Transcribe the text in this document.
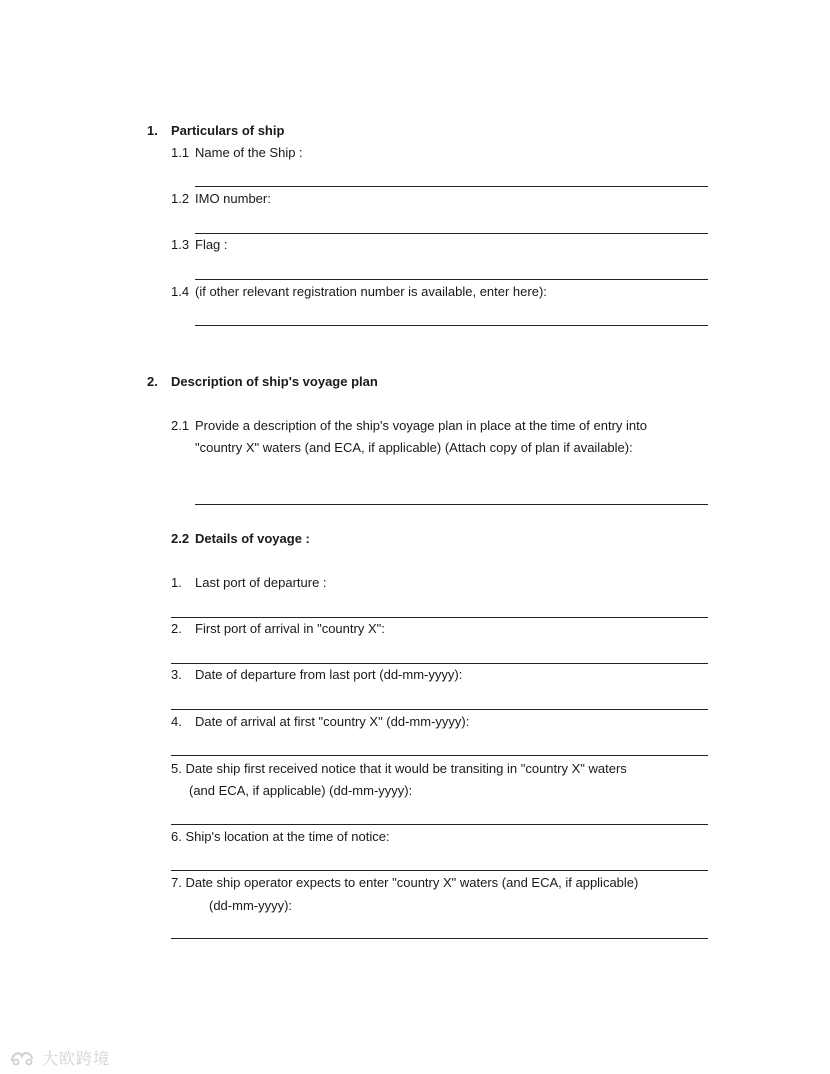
1. Particulars of ship
1.1 Name of the Ship :
1.2 IMO number:
1.3 Flag :
1.4 (if other relevant registration number is available, enter here):
2. Description of ship's voyage plan
2.1 Provide a description of the ship's voyage plan in place at the time of entry into
"country X" waters (and ECA, if applicable) (Attach copy of plan if available):
2.2 Details of voyage :
1. Last port of departure :
2. First port of arrival in "country X":
3. Date of departure from last port (dd-mm-yyyy):
4. Date of arrival at first "country X" (dd-mm-yyyy):
5. Date ship first received notice that it would be transiting in "country X" waters
(and ECA, if applicable) (dd-mm-yyyy):
6. Ship's location at the time of notice:
7. Date ship operator expects to enter "country X" waters (and ECA, if applicable)
(dd-mm-yyyy):
大欧跨境
